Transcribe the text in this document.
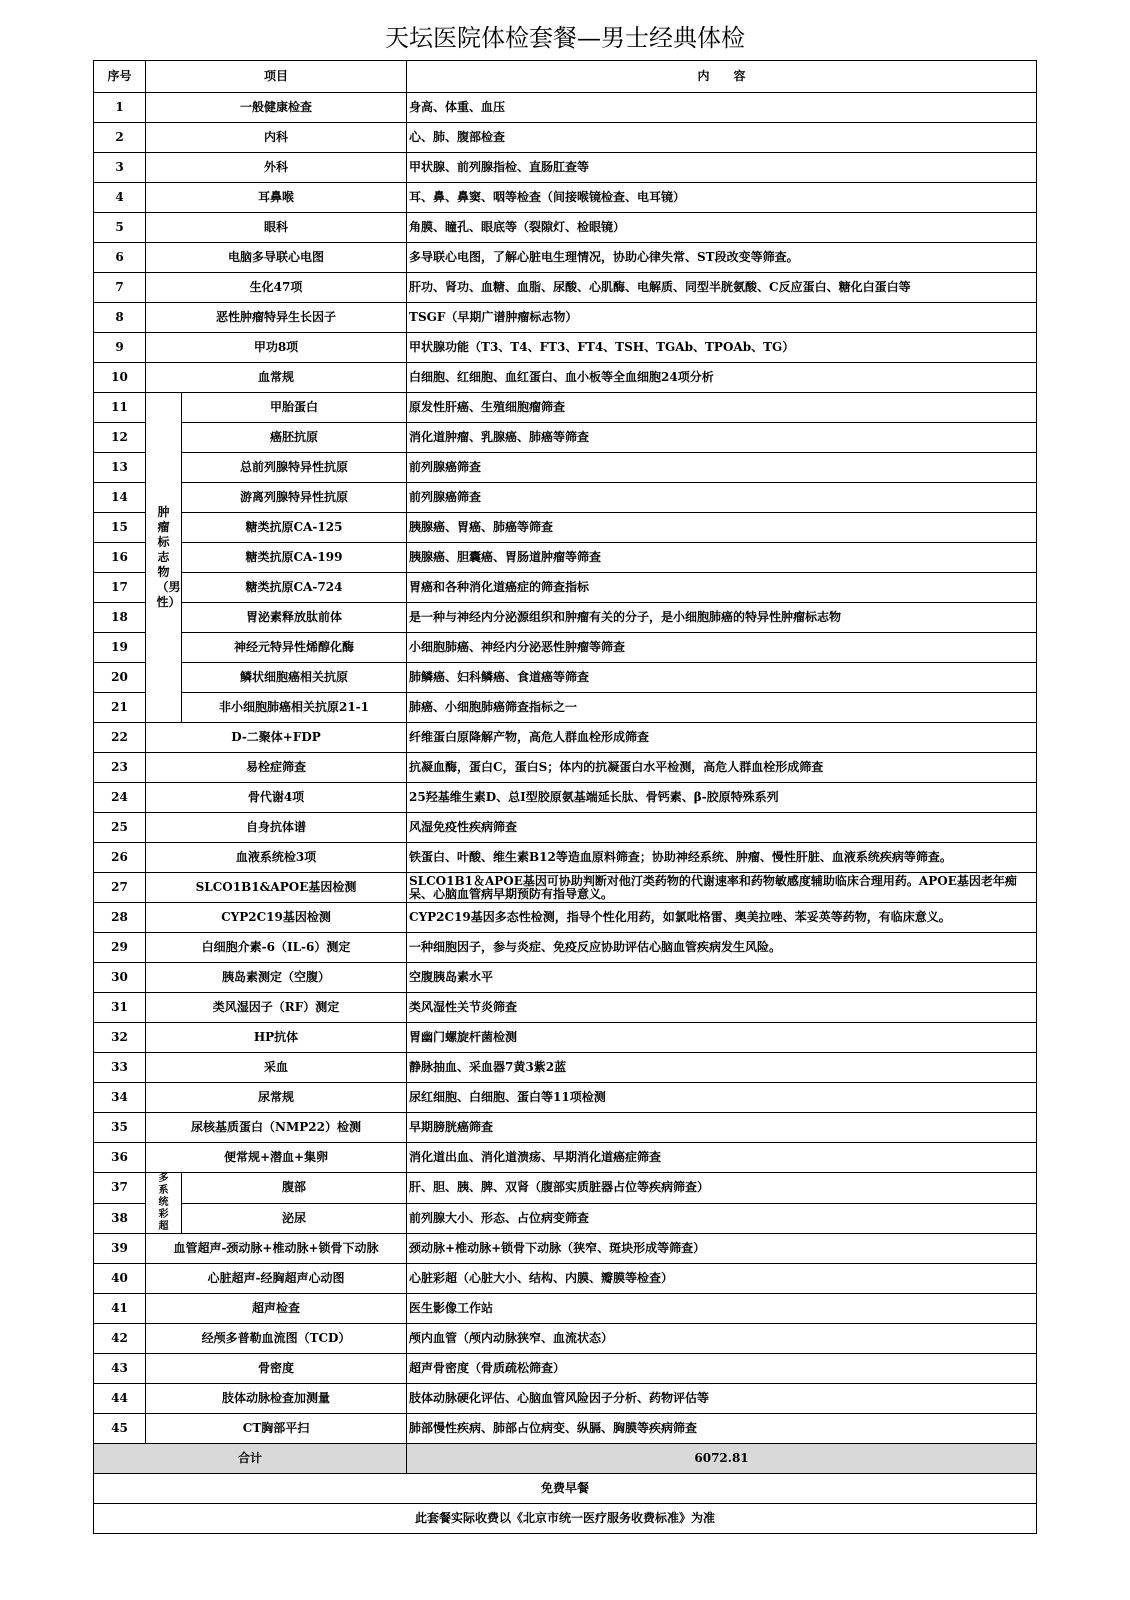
天坛医院体检套餐—男士经典体检
序号	项目		内　　容
1	一般健康检查		身高、体重、血压
2	内科		心、肺、腹部检查
3	外科		甲状腺、前列腺指检、直肠肛查等
4	耳鼻喉		耳、鼻、鼻窦、咽等检查（间接喉镜检查、电耳镜）
5	眼科		角膜、瞳孔、眼底等（裂隙灯、检眼镜）
6	电脑多导联心电图		多导联心电图，了解心脏电生理情况，协助心律失常、ST段改变等筛查。
7	生化47项		肝功、肾功、血糖、血脂、尿酸、心肌酶、电解质、同型半胱氨酸、C反应蛋白、糖化白蛋白等
8	恶性肿瘤特异生长因子		TSGF（早期广谱肿瘤标志物）
9	甲功8项		甲状腺功能（T3、T4、FT3、FT4、TSH、TGAb、TPOAb、TG）
10	血常规		白细胞、红细胞、血红蛋白、血小板等全血细胞24项分析
11	肿瘤标志物（男性）	甲胎蛋白	原发性肝癌、生殖细胞瘤筛查
12		癌胚抗原	消化道肿瘤、乳腺癌、肺癌等筛查
13		总前列腺特异性抗原	前列腺癌筛查
14		游离列腺特异性抗原	前列腺癌筛查
15		糖类抗原CA-125	胰腺癌、胃癌、肺癌等筛查
16		糖类抗原CA-199	胰腺癌、胆囊癌、胃肠道肿瘤等筛查
17		糖类抗原CA-724	胃癌和各种消化道癌症的筛查指标
18		胃泌素释放肽前体	是一种与神经内分泌源组织和肿瘤有关的分子，是小细胞肺癌的特异性肿瘤标志物
19		神经元特异性烯醇化酶	小细胞肺癌、神经内分泌恶性肿瘤等筛查
20		鳞状细胞癌相关抗原	肺鳞癌、妇科鳞癌、食道癌等筛查
21		非小细胞肺癌相关抗原21-1	肺癌、小细胞肺癌筛查指标之一
22	D-二聚体+FDP		纤维蛋白原降解产物，高危人群血栓形成筛查
23	易栓症筛查		抗凝血酶，蛋白C，蛋白S；体内的抗凝蛋白水平检测，高危人群血栓形成筛查
24	骨代谢4项		25羟基维生素D、总Ⅰ型胶原氨基端延长肽、骨钙素、β-胶原特殊系列
25	自身抗体谱		风湿免疫性疾病筛查
26	血液系统检3项		铁蛋白、叶酸、维生素B12等造血原料筛查；协助神经系统、肿瘤、慢性肝脏、血液系统疾病等筛查。
27	SLCO1B1&APOE基因检测		SLCO1B1＆APOE基因可协助判断对他汀类药物的代谢速率和药物敏感度辅助临床合理用药。APOE基因老年痴呆、心脑血管病早期预防有指导意义。
28	CYP2C19基因检测		CYP2C19基因多态性检测，指导个性化用药，如氯吡格雷、奥美拉唑、苯妥英等药物，有临床意义。
29	白细胞介素-6（IL-6）测定		一种细胞因子，参与炎症、免疫反应协助评估心脑血管疾病发生风险。
30	胰岛素测定（空腹）		空腹胰岛素水平
31	类风湿因子（RF）测定		类风湿性关节炎筛查
32	HP抗体		胃幽门螺旋杆菌检测
33	采血		静脉抽血、采血器7黄3紫2蓝
34	尿常规		尿红细胞、白细胞、蛋白等11项检测
35	尿核基质蛋白（NMP22）检测		早期膀胱癌筛查
36	便常规+潜血+集卵		消化道出血、消化道溃疡、早期消化道癌症筛查
37	多系统彩超	腹部	肝、胆、胰、脾、双肾（腹部实质脏器占位等疾病筛查）
38		泌尿	前列腺大小、形态、占位病变筛查
39	血管超声-颈动脉+椎动脉+锁骨下动脉		颈动脉+椎动脉+锁骨下动脉（狭窄、斑块形成等筛查）
40	心脏超声-经胸超声心动图		心脏彩超（心脏大小、结构、内膜、瓣膜等检查）
41	超声检查		医生影像工作站
42	经颅多普勒血流图（TCD）		颅内血管（颅内动脉狭窄、血流状态）
43	骨密度		超声骨密度（骨质疏松筛查）
44	肢体动脉检查加测量		肢体动脉硬化评估、心脑血管风险因子分析、药物评估等
45	CT胸部平扫		肺部慢性疾病、肺部占位病变、纵膈、胸膜等疾病筛查
合计			6072.81
免费早餐			
此套餐实际收费以《北京市统一医疗服务收费标准》为准			
